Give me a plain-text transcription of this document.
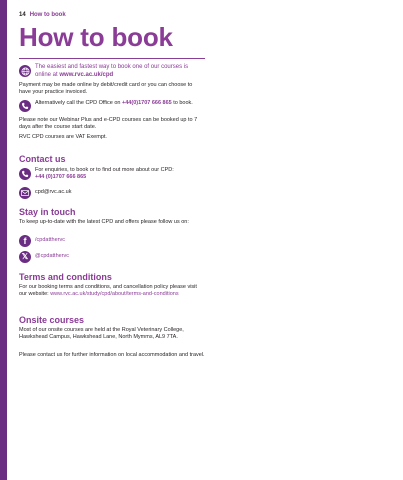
14 How to book
How to book
The easiest and fastest way to book one of our courses is online at www.rvc.ac.uk/cpd
Payment may be made online by debit/credit card or you can choose to have your practice invoiced.
Alternatively call the CPD Office on +44(0)1707 666 865 to book.
Please note our Webinar Plus and e-CPD courses can be booked up to 7 days after the course start date.
RVC CPD courses are VAT Exempt.
Contact us
For enquiries, to book or to find out more about our CPD:
+44 (0)1707 666 865
cpd@rvc.ac.uk
Stay in touch
To keep up-to-date with the latest CPD and offers please follow us on:
f /cpdatthervc
𝕏 @cpdatthervc
Terms and conditions
For our booking terms and conditions, and cancellation policy please visit our website: www.rvc.ac.uk/study/cpd/about/terms-and-conditions
Onsite courses
Most of our onsite courses are held at the Royal Veterinary College, Hawkshead Campus, Hawkshead Lane, North Mymms, AL9 7TA.
Please contact us for further information on local accommodation and travel.
